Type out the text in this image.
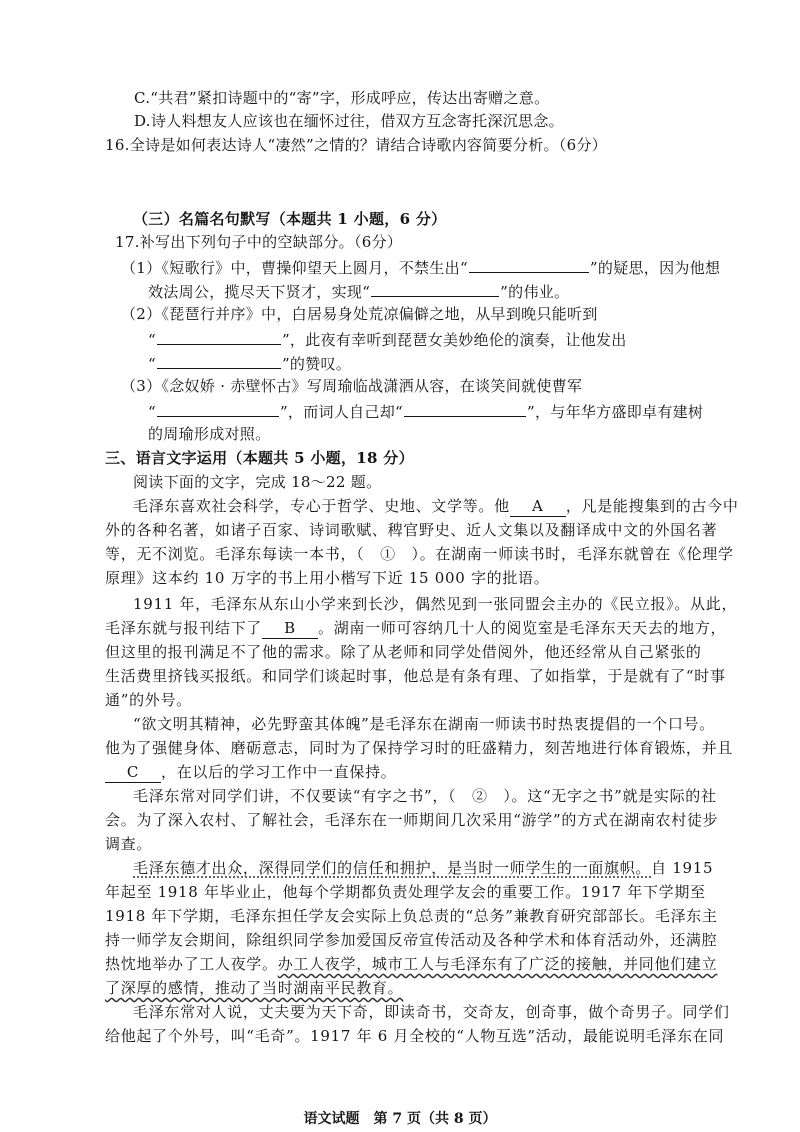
C.“共君”紧扣诗题中的“寄”字，形成呼应，传达出寄赠之意。
D.诗人料想友人应该也在缅怀过往，借双方互念寄托深沉思念。
16.全诗是如何表达诗人“凄然”之情的？请结合诗歌内容简要分析。（6分）
（三）名篇名句默写（本题共 1 小题，6 分）
17.补写出下列句子中的空缺部分。（6分）
（1）《短歌行》中，曹操仰望天上圆月，不禁生出“	”的疑思，因为他想
效法周公，揽尽天下贤才，实现“	”的伟业。
（2）《琵琶行并序》中，白居易身处荒凉偏僻之地，从早到晚只能听到
“	”，此夜有幸听到琵琶女美妙绝伦的演奏，让他发出
“	”的赞叹。
（3）《念奴娇 · 赤壁怀古》写周瑜临战潇洒从容，在谈笑间就使曹军
“	”，而词人自己却“	”，与年华方盛即卓有建树
的周瑜形成对照。
三、语言文字运用（本题共 5 小题，18 分）
阅读下面的文字，完成 18～22 题。
毛泽东喜欢社会科学，专心于哲学、史地、文学等。他 A ，凡是能搜集到的古今中
外的各种名著，如诸子百家、诗词歌赋、稗官野史、近人文集以及翻译成中文的外国名著
等，无不浏览。毛泽东每读一本书，（　①　）。在湖南一师读书时，毛泽东就曾在《伦理学
原理》这本约 10 万字的书上用小楷写下近 15 000 字的批语。
1911 年，毛泽东从东山小学来到长沙，偶然见到一张同盟会主办的《民立报》。从此，
毛泽东就与报刊结下了 B 。湖南一师可容纳几十人的阅览室是毛泽东天天去的地方，
但这里的报刊满足不了他的需求。除了从老师和同学处借阅外，他还经常从自己紧张的
生活费里挤钱买报纸。和同学们谈起时事，他总是有条有理、了如指掌，于是就有了“时事
通”的外号。
“欲文明其精神，必先野蛮其体魄”是毛泽东在湖南一师读书时热衷提倡的一个口号。
他为了强健身体、磨砺意志，同时为了保持学习时的旺盛精力，刻苦地进行体育锻炼，并且
C ，在以后的学习工作中一直保持。
毛泽东常对同学们讲，不仅要读“有字之书”，（　②　）。这“无字之书”就是实际的社
会。为了深入农村、了解社会，毛泽东在一师期间几次采用“游学”的方式在湖南农村徒步
调查。
毛泽东德才出众，深得同学们的信任和拥护，是当时一师学生的一面旗帜。自 1915
年起至 1918 年毕业止，他每个学期都负责处理学友会的重要工作。1917 年下学期至
1918 年下学期，毛泽东担任学友会实际上负总责的“总务”兼教育研究部部长。毛泽东主
持一师学友会期间，除组织同学参加爱国反帝宣传活动及各种学术和体育活动外，还满腔
热忱地举办了工人夜学。办工人夜学，城市工人与毛泽东有了广泛的接触，并同他们建立
了深厚的感情，推动了当时湖南平民教育。
毛泽东常对人说，丈夫要为天下奇，即读奇书，交奇友，创奇事，做个奇男子。同学们
给他起了个外号，叫“毛奇”。1917 年 6 月全校的“人物互选”活动，最能说明毛泽东在同
语文试题　第 7 页（共 8 页）
